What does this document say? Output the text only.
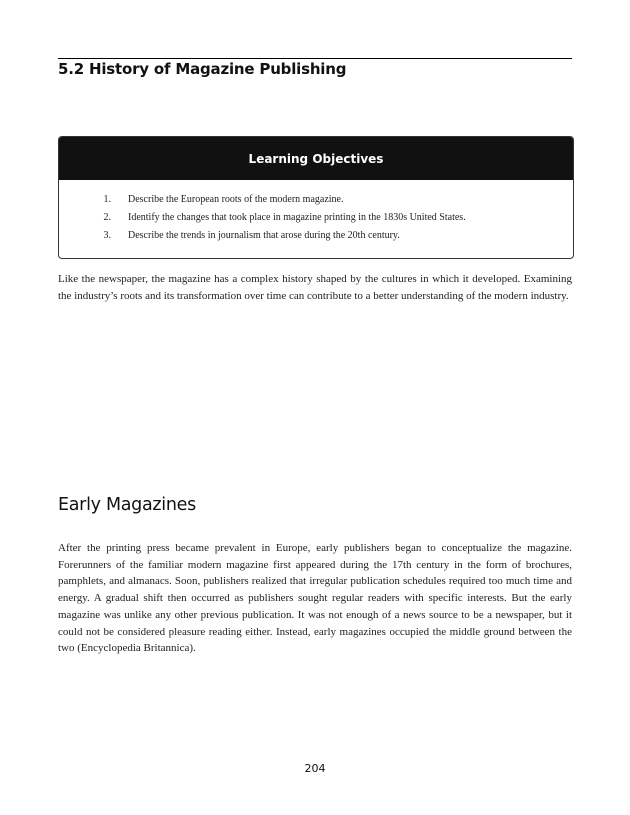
5.2 History of Magazine Publishing
Learning Objectives
1. Describe the European roots of the modern magazine.
2. Identify the changes that took place in magazine printing in the 1830s United States.
3. Describe the trends in journalism that arose during the 20th century.

Like the newspaper, the magazine has a complex history shaped by the cultures in which it developed. Examining the industry’s roots and its transformation over time can contribute to a better understanding of the modern industry.

Early Magazines

After the printing press became prevalent in Europe, early publishers began to conceptualize the magazine. Forerunners of the familiar modern magazine first appeared during the 17th century in the form of brochures, pamphlets, and almanacs. Soon, publishers realized that irregular publication schedules required too much time and energy. A gradual shift then occurred as publishers sought regular readers with specific interests. But the early magazine was unlike any other previous publication. It was not enough of a news source to be a newspaper, but it could not be considered pleasure reading either. Instead, early magazines occupied the middle ground between the two (Encyclopedia Britannica).

204
